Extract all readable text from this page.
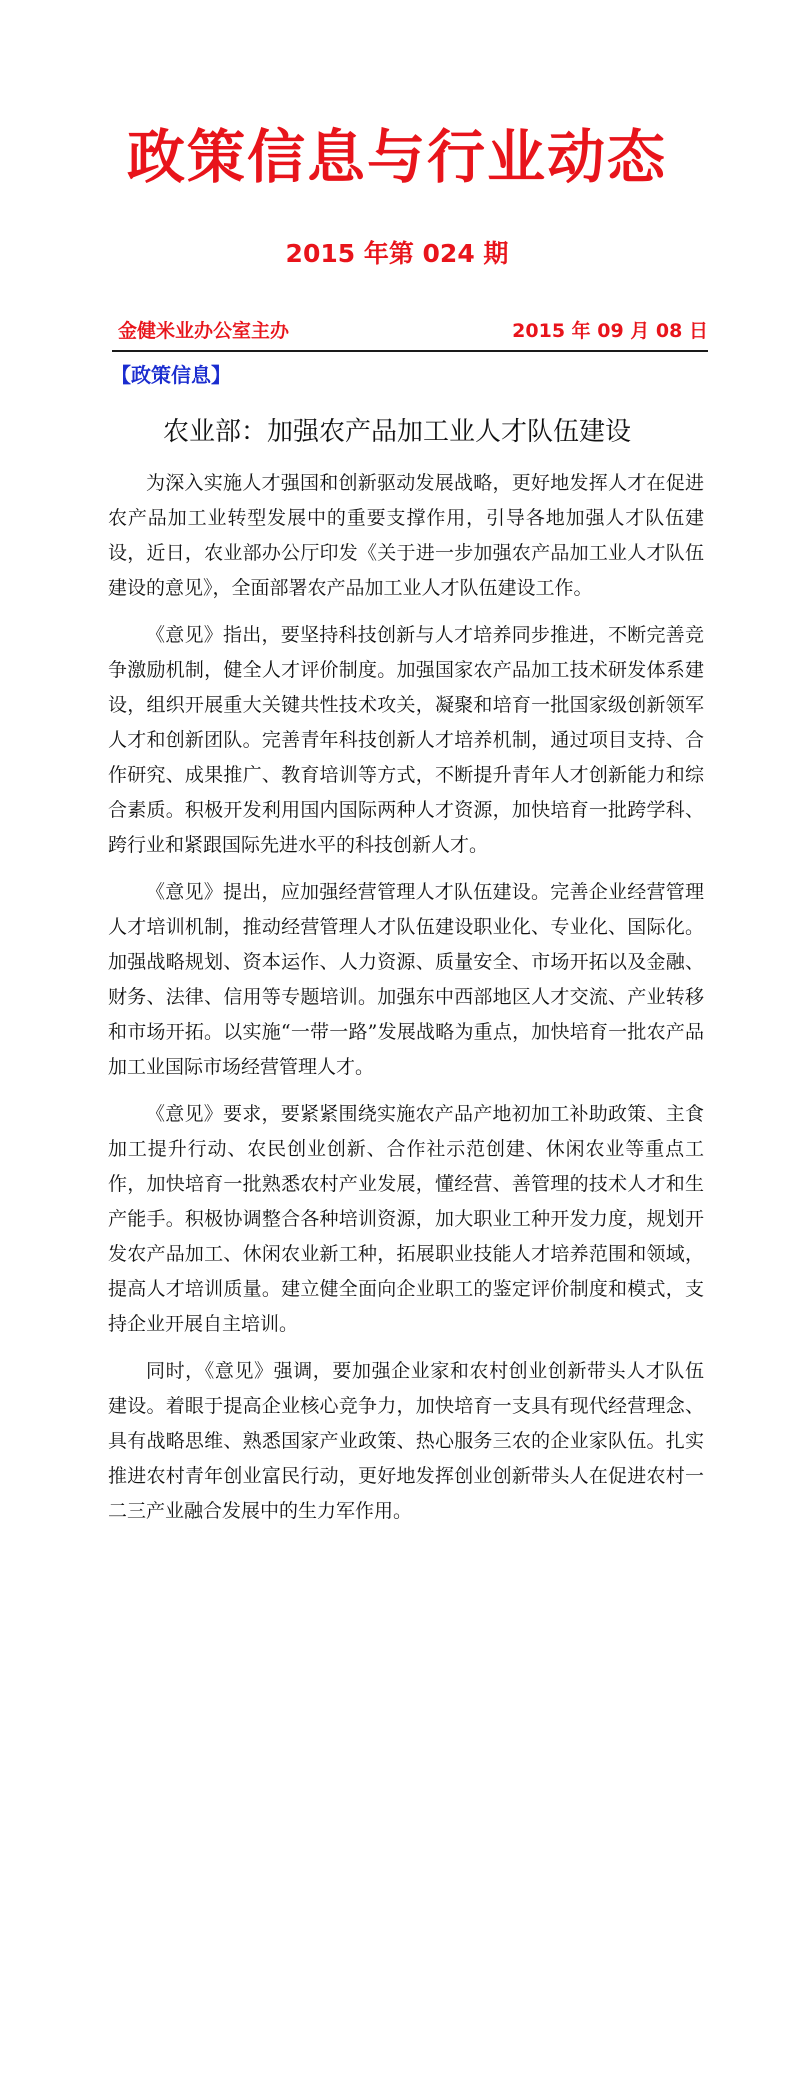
政策信息与行业动态
2015 年第 024 期
金健米业办公室主办	2015 年 09 月 08 日
【政策信息】
农业部：加强农产品加工业人才队伍建设

为深入实施人才强国和创新驱动发展战略，更好地发挥人才在促进农产品加工业转型发展中的重要支撑作用，引导各地加强人才队伍建设，近日，农业部办公厅印发《关于进一步加强农产品加工业人才队伍建设的意见》，全面部署农产品加工业人才队伍建设工作。

《意见》指出，要坚持科技创新与人才培养同步推进，不断完善竞争激励机制，健全人才评价制度。加强国家农产品加工技术研发体系建设，组织开展重大关键共性技术攻关，凝聚和培育一批国家级创新领军人才和创新团队。完善青年科技创新人才培养机制，通过项目支持、合作研究、成果推广、教育培训等方式，不断提升青年人才创新能力和综合素质。积极开发利用国内国际两种人才资源，加快培育一批跨学科、跨行业和紧跟国际先进水平的科技创新人才。

《意见》提出，应加强经营管理人才队伍建设。完善企业经营管理人才培训机制，推动经营管理人才队伍建设职业化、专业化、国际化。加强战略规划、资本运作、人力资源、质量安全、市场开拓以及金融、财务、法律、信用等专题培训。加强东中西部地区人才交流、产业转移和市场开拓。以实施“一带一路”发展战略为重点，加快培育一批农产品加工业国际市场经营管理人才。

《意见》要求，要紧紧围绕实施农产品产地初加工补助政策、主食加工提升行动、农民创业创新、合作社示范创建、休闲农业等重点工作，加快培育一批熟悉农村产业发展，懂经营、善管理的技术人才和生产能手。积极协调整合各种培训资源，加大职业工种开发力度，规划开发农产品加工、休闲农业新工种，拓展职业技能人才培养范围和领域，提高人才培训质量。建立健全面向企业职工的鉴定评价制度和模式，支持企业开展自主培训。

同时，《意见》强调，要加强企业家和农村创业创新带头人才队伍建设。着眼于提高企业核心竞争力，加快培育一支具有现代经营理念、具有战略思维、熟悉国家产业政策、热心服务三农的企业家队伍。扎实推进农村青年创业富民行动，更好地发挥创业创新带头人在促进农村一二三产业融合发展中的生力军作用。
